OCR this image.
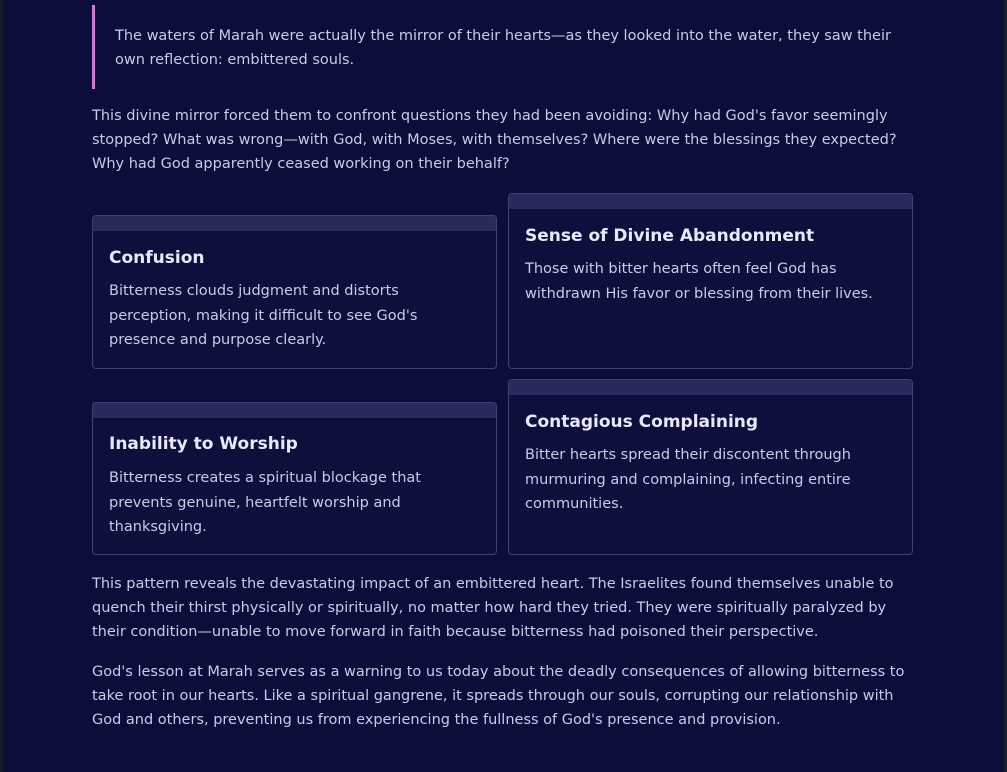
The waters of Marah were actually the mirror of their hearts—as they looked into the water, they saw their own reflection: embittered souls.

This divine mirror forced them to confront questions they had been avoiding: Why had God's favor seemingly stopped? What was wrong—with God, with Moses, with themselves? Where were the blessings they expected? Why had God apparently ceased working on their behalf?

Confusion

Bitterness clouds judgment and distorts perception, making it difficult to see God's presence and purpose clearly.

Sense of Divine Abandonment

Those with bitter hearts often feel God has withdrawn His favor or blessing from their lives.

Inability to Worship

Bitterness creates a spiritual blockage that prevents genuine, heartfelt worship and thanksgiving.

Contagious Complaining

Bitter hearts spread their discontent through murmuring and complaining, infecting entire communities.

This pattern reveals the devastating impact of an embittered heart. The Israelites found themselves unable to quench their thirst physically or spiritually, no matter how hard they tried. They were spiritually paralyzed by their condition—unable to move forward in faith because bitterness had poisoned their perspective.

God's lesson at Marah serves as a warning to us today about the deadly consequences of allowing bitterness to take root in our hearts. Like a spiritual gangrene, it spreads through our souls, corrupting our relationship with God and others, preventing us from experiencing the fullness of God's presence and provision.
